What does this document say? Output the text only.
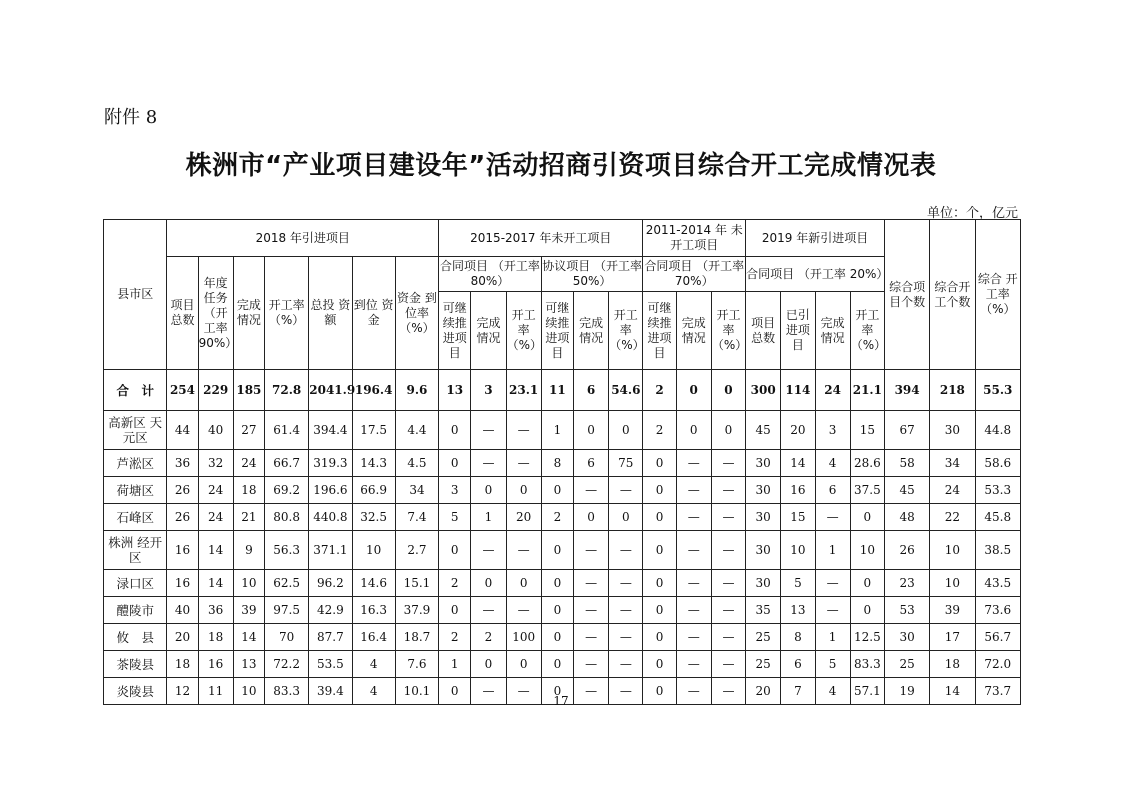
附件 8
株洲市“产业项目建设年”活动招商引资项目综合开工完成情况表
单位：个，亿元
县市区	2018 年引进项目							2015-2017 年未开工项目						2011-2014 年 未开工项目			2019 年新引进项目				综合项 目个数	综合开 工个数	综合 开工率 （%）
	项目 总数	年度 任务 （开 工率 90%）	完成 情况	开工率 （%）	总投 资额	到位 资金	资金 到位率 （%）	合同项目 （开工率 80%）			协议项目 （开工率 50%）			合同项目 （开工率 70%）			合同项目 （开工率 20%）						
								可继 续推 进项 目	完成 情况	开工 率 （%）	可继 续推 进项 目	完成 情况	开工 率 （%）	可继 续推 进项 目	完成 情况	开工 率 （%）	项目 总数	已引 进项 目	完成 情况	开工 率 （%）			
合　计	254	229	185	72.8	2041.9	196.4	9.6	13	3	23.1	11	6	54.6	2	0	0	300	114	24	21.1	394	218	55.3
高新区 天元区	44	40	27	61.4	394.4	17.5	4.4	0	—	—	1	0	0	2	0	0	45	20	3	15	67	30	44.8
芦淞区	36	32	24	66.7	319.3	14.3	4.5	0	—	—	8	6	75	0	—	—	30	14	4	28.6	58	34	58.6
荷塘区	26	24	18	69.2	196.6	66.9	34	3	0	0	0	—	—	0	—	—	30	16	6	37.5	45	24	53.3
石峰区	26	24	21	80.8	440.8	32.5	7.4	5	1	20	2	0	0	0	—	—	30	15	—	0	48	22	45.8
株洲 经开区	16	14	9	56.3	371.1	10	2.7	0	—	—	0	—	—	0	—	—	30	10	1	10	26	10	38.5
渌口区	16	14	10	62.5	96.2	14.6	15.1	2	0	0	0	—	—	0	—	—	30	5	—	0	23	10	43.5
醴陵市	40	36	39	97.5	42.9	16.3	37.9	0	—	—	0	—	—	0	—	—	35	13	—	0	53	39	73.6
攸　县	20	18	14	70	87.7	16.4	18.7	2	2	100	0	—	—	0	—	—	25	8	1	12.5	30	17	56.7
茶陵县	18	16	13	72.2	53.5	4	7.6	1	0	0	0	—	—	0	—	—	25	6	5	83.3	25	18	72.0
炎陵县	12	11	10	83.3	39.4	4	10.1	0	—	—	0	—	—	0	—	—	20	7	4	57.1	19	14	73.7
17
